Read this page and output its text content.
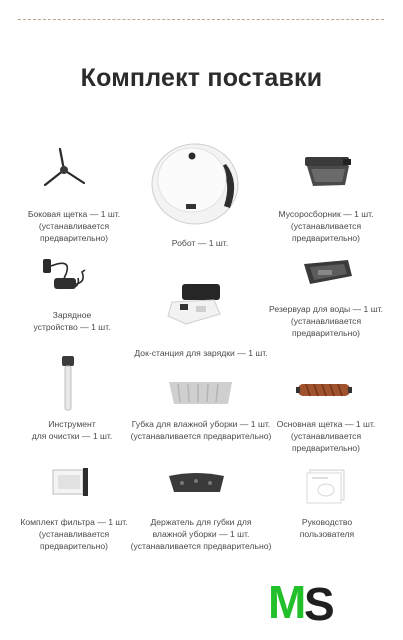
Комплект поставки
Боковая щетка — 1 шт.
(устанавливается
предварительно)	Робот — 1 шт.
Мусоросборник — 1 шт.
(устанавливается
предварительно)
Зарядное
устройство — 1 шт.
Док-станция для зарядки — 1 шт.
Резервуар для воды — 1 шт.
(устанавливается
предварительно)
Инструмент
для очистки — 1 шт.
Губка для влажной уборки — 1 шт.
(устанавливается предварительно)
Основная щетка — 1 шт.
(устанавливается
предварительно)
Комплект фильтра — 1 шт.
(устанавливается
предварительно)
Держатель для губки для
влажной уборки — 1 шт.
(устанавливается предварительно)
Руководство
пользователя
M
S
